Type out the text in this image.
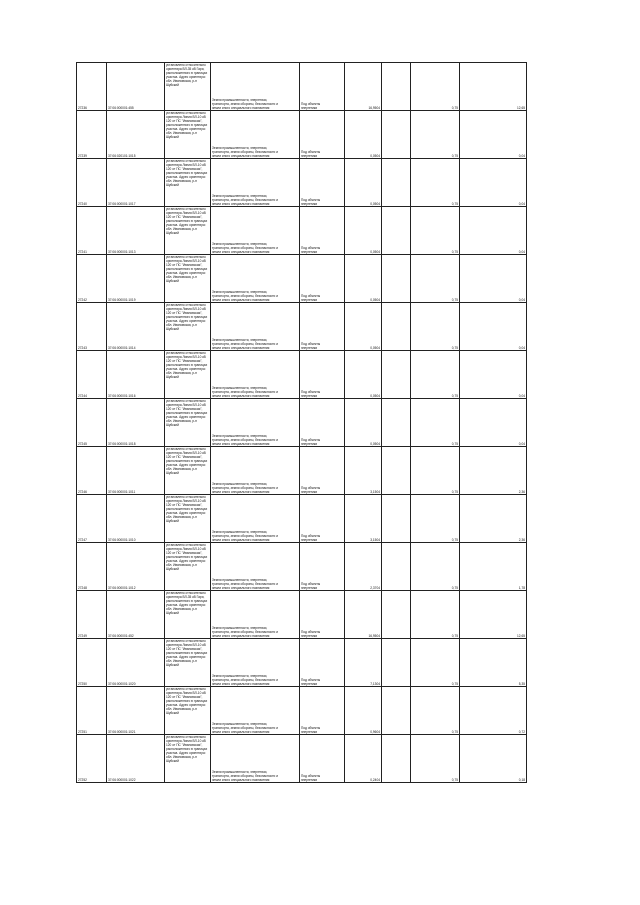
27236	37:06:000001:455	установлено относительно ориентира ВЛ-35 кВ Гари, расположенного в границах участка. Адрес ориентира: обл. Ивановская, р-н Шуйский	Земли промышленности, энергетики,
транспорта, земли обороны, безопасности и
земли иного специального назначения	Под объекты
энергетики	16,9504		0,75	12,65
27239	37:06:020101:1015	установлено относительно ориентира Линия ВЛ-10 кВ 120 от ПС "Ивановская", расположенного в границах участка. Адрес ориентира: обл. Ивановская, р-н Шуйский	Земли промышленности, энергетики,
транспорта, земли обороны, безопасности и
земли иного специального назначения	Под объекты
энергетики	0,0504		0,75	0,04
27240	37:06:000001:1017	установлено относительно ориентира Линия ВЛ-10 кВ 120 от ПС "Ивановская", расположенного в границах участка. Адрес ориентира: обл. Ивановская, р-н Шуйский	Земли промышленности, энергетики,
транспорта, земли обороны, безопасности и
земли иного специального назначения	Под объекты
энергетики	0,0504		0,75	0,04
27241	37:06:000001:1013	установлено относительно ориентира Линия ВЛ-10 кВ 120 от ПС "Ивановская", расположенного в границах участка. Адрес ориентира: обл. Ивановская, р-н Шуйский	Земли промышленности, энергетики,
транспорта, земли обороны, безопасности и
земли иного специального назначения	Под объекты
энергетики	0,0504		0,75	0,04
27242	37:06:000001:1019	установлено относительно ориентира Линия ВЛ-10 кВ 120 от ПС "Ивановская", расположенного в границах участка. Адрес ориентира: обл. Ивановская, р-н Шуйский	Земли промышленности, энергетики,
транспорта, земли обороны, безопасности и
земли иного специального назначения	Под объекты
энергетики	0,0504		0,75	0,04
27243	37:06:000001:1014	установлено относительно ориентира Линия ВЛ-10 кВ 120 от ПС "Ивановская", расположенного в границах участка. Адрес ориентира: обл. Ивановская, р-н Шуйский	Земли промышленности, энергетики,
транспорта, земли обороны, безопасности и
земли иного специального назначения	Под объекты
энергетики	0,0504		0,75	0,04
27244	37:06:000001:1016	установлено относительно ориентира Линия ВЛ-10 кВ 120 от ПС "Ивановская", расположенного в границах участка. Адрес ориентира: обл. Ивановская, р-н Шуйский	Земли промышленности, энергетики,
транспорта, земли обороны, безопасности и
земли иного специального назначения	Под объекты
энергетики	0,0504		0,75	0,04
27245	37:06:000001:1018	установлено относительно ориентира Линия ВЛ-10 кВ 120 от ПС "Ивановская", расположенного в границах участка. Адрес ориентира: обл. Ивановская, р-н Шуйский	Земли промышленности, энергетики,
транспорта, земли обороны, безопасности и
земли иного специального назначения	Под объекты
энергетики	0,0504		0,75	0,04
27246	37:06:000001:1011	установлено относительно ориентира Линия ВЛ-10 кВ 120 от ПС "Ивановская", расположенного в границах участка. Адрес ориентира: обл. Ивановская, р-н Шуйский	Земли промышленности, энергетики,
транспорта, земли обороны, безопасности и
земли иного специального назначения	Под объекты
энергетики	3,1504		0,75	2,36
27247	37:06:000001:1010	установлено относительно ориентира Линия ВЛ-10 кВ 120 от ПС "Ивановская", расположенного в границах участка. Адрес ориентира: обл. Ивановская, р-н Шуйский	Земли промышленности, энергетики,
транспорта, земли обороны, безопасности и
земли иного специального назначения	Под объекты
энергетики	3,1504		0,75	2,36
27248	37:06:000001:1012	установлено относительно ориентира Линия ВЛ-10 кВ 120 от ПС "Ивановская", расположенного в границах участка. Адрес ориентира: обл. Ивановская, р-н Шуйский	Земли промышленности, энергетики,
транспорта, земли обороны, безопасности и
земли иного специального назначения	Под объекты
энергетики	2,3704		0,75	1,78
27249	37:06:000001:452	установлено относительно ориентира ВЛ-35 кВ Гари, расположенного в границах участка. Адрес ориентира: обл. Ивановская, р-н Шуйский	Земли промышленности, энергетики,
транспорта, земли обороны, безопасности и
земли иного специального назначения	Под объекты
энергетики	16,9504		0,75	12,65
27250	37:06:000001:1020	установлено относительно ориентира Линия ВЛ-10 кВ 120 от ПС "Ивановская", расположенного в границах участка. Адрес ориентира: обл. Ивановская, р-н Шуйский	Земли промышленности, энергетики,
транспорта, земли обороны, безопасности и
земли иного специального назначения	Под объекты
энергетики	7,1304		0,75	5,35
27251	37:06:000001:1021	установлено относительно ориентира Линия ВЛ-10 кВ 120 от ПС "Ивановская", расположенного в границах участка. Адрес ориентира: обл. Ивановская, р-н Шуйский	Земли промышленности, энергетики,
транспорта, земли обороны, безопасности и
земли иного специального назначения	Под объекты
энергетики	0,9604		0,75	0,72
27252	37:06:000001:1022	установлено относительно ориентира Линия ВЛ-10 кВ 120 от ПС "Ивановская", расположенного в границах участка. Адрес ориентира: обл. Ивановская, р-н Шуйский	Земли промышленности, энергетики,
транспорта, земли обороны, безопасности и
земли иного специального назначения	Под объекты
энергетики	0,2404		0,75	0,18
